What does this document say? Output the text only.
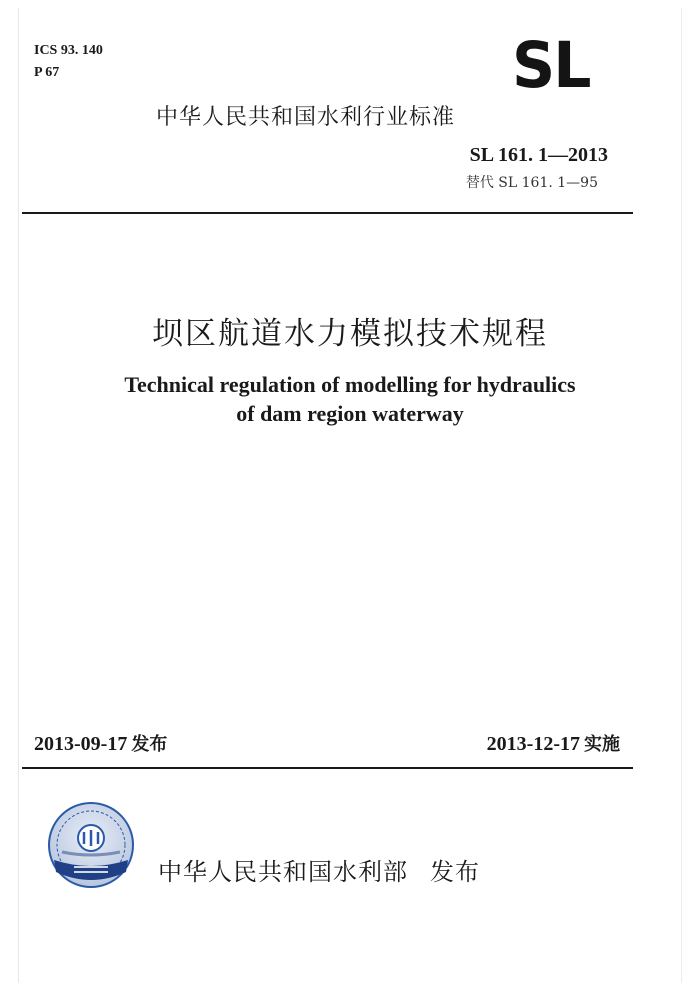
ICS 93. 140
P 67	SL
中华人民共和国水利行业标准
SL 161. 1—2013
替代 SL 161. 1—95
坝区航道水力模拟技术规程
Technical regulation of modelling for hydraulics
of dam region waterway
2013-09-17 发布	2013-12-17 实施
中华人民共和国水利部 发布
